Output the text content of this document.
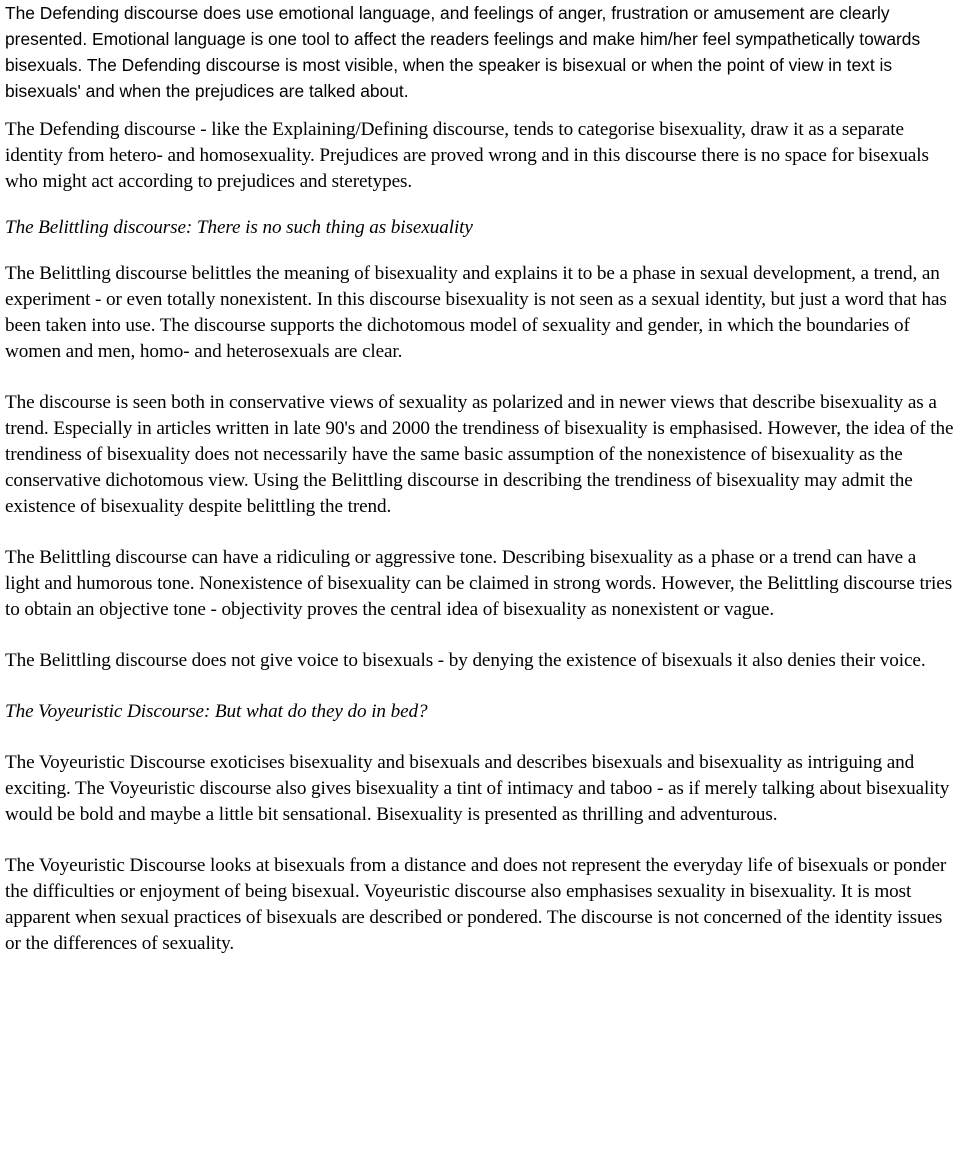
The Defending discourse does use emotional language, and feelings of anger, frustration or amusement are clearly presented. Emotional language is one tool to affect the readers feelings and make him/her feel sympathetically towards bisexuals. The Defending discourse is most visible, when the speaker is bisexual or when the point of view in text is bisexuals' and when the prejudices are talked about.

The Defending discourse - like the Explaining/Defining discourse, tends to categorise bisexuality, draw it as a separate identity from hetero- and homosexuality. Prejudices are proved wrong and in this discourse there is no space for bisexuals who might act according to prejudices and steretypes.

The Belittling discourse: There is no such thing as bisexuality

The Belittling discourse belittles the meaning of bisexuality and explains it to be a phase in sexual development, a trend, an experiment - or even totally nonexistent. In this discourse bisexuality is not seen as a sexual identity, but just a word that has been taken into use. The discourse supports the dichotomous model of sexuality and gender, in which the boundaries of women and men, homo- and heterosexuals are clear.

The discourse is seen both in conservative views of sexuality as polarized and in newer views that describe bisexuality as a trend. Especially in articles written in late 90's and 2000 the trendiness of bisexuality is emphasised. However, the idea of the trendiness of bisexuality does not necessarily have the same basic assumption of the nonexistence of bisexuality as the conservative dichotomous view. Using the Belittling discourse in describing the trendiness of bisexuality may admit the existence of bisexuality despite belittling the trend.

The Belittling discourse can have a ridiculing or aggressive tone. Describing bisexuality as a phase or a trend can have a light and humorous tone. Nonexistence of bisexuality can be claimed in strong words. However, the Belittling discourse tries to obtain an objective tone - objectivity proves the central idea of bisexuality as nonexistent or vague.

The Belittling discourse does not give voice to bisexuals - by denying the existence of bisexuals it also denies their voice.

The Voyeuristic Discourse: But what do they do in bed?

The Voyeuristic Discourse exoticises bisexuality and bisexuals and describes bisexuals and bisexuality as intriguing and exciting. The Voyeuristic discourse also gives bisexuality a tint of intimacy and taboo - as if merely talking about bisexuality would be bold and maybe a little bit sensational. Bisexuality is presented as thrilling and adventurous.

The Voyeuristic Discourse looks at bisexuals from a distance and does not represent the everyday life of bisexuals or ponder the difficulties or enjoyment of being bisexual. Voyeuristic discourse also emphasises sexuality in bisexuality. It is most apparent when sexual practices of bisexuals are described or pondered. The discourse is not concerned of the identity issues or the differences of sexuality.
